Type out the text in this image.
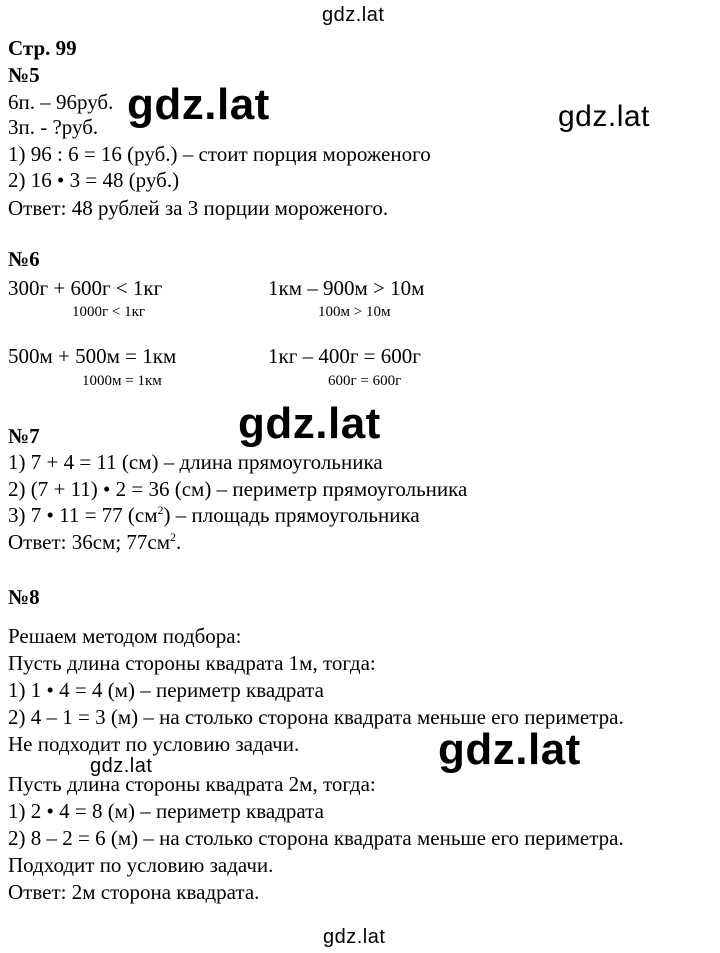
gdz.lat
gdz.lat
Стр. 99
№5
6п. – 96руб.
3п. - ?руб.
1) 96 : 6 = 16 (руб.) – стоит порция мороженого
2) 16 • 3 = 48 (руб.)
Ответ: 48 рублей за 3 порции мороженого.
№6
300г + 600г < 1кг
1000г < 1кг
1км – 900м > 10м
100м > 10м
500м + 500м = 1км
1000м = 1км
1кг – 400г = 600г
600г = 600г
№7
1) 7 + 4 = 11 (см) – длина прямоугольника
2) (7 + 11) • 2 = 36 (см) – периметр прямоугольника
3) 7 • 11 = 77 $(см^2)$ – площадь прямоугольника
Ответ: 36см; $77см^2$.
№8
Решаем методом подбора:
Пусть длина стороны квадрата 1м, тогда:
1) 1 • 4 = 4 (м) – периметр квадрата
2) 4 – 1 = 3 (м) – на столько сторона квадрата меньше его периметра.
Не подходит по условию задачи.
Пусть длина стороны квадрата 2м, тогда:
1) 2 • 4 = 8 (м) – периметр квадрата
2) 8 – 2 = 6 (м) – на столько сторона квадрата меньше его периметра.
Подходит по условию задачи.
Ответ: 2м сторона квадрата.
gdz.lat	gdz.lat
gdz.lat
gdz.lat
gdz.lat
